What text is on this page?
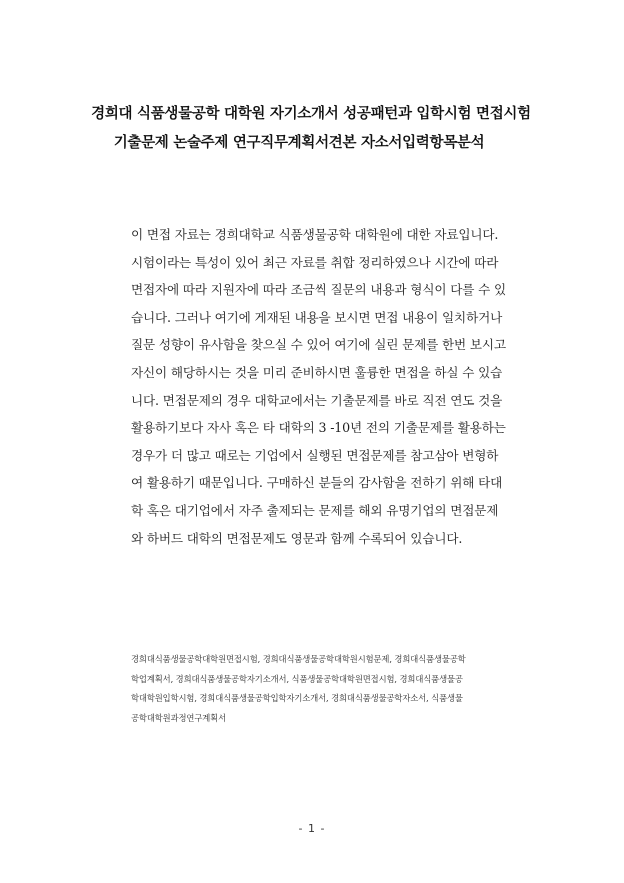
경희대 식품생물공학 대학원 자기소개서 성공패턴과 입학시험 면접시험
기출문제 논술주제 연구직무계획서견본 자소서입력항목분석
이 면접 자료는 경희대학교 식품생물공학 대학원에 대한 자료입니다.
시험이라는 특성이 있어 최근 자료를 취합 정리하였으나 시간에 따라
면접자에 따라 지원자에 따라 조금씩 질문의 내용과 형식이 다를 수 있
습니다. 그러나 여기에 게재된 내용을 보시면 면접 내용이 일치하거나
질문 성향이 유사함을 찾으실 수 있어 여기에 실린 문제를 한번 보시고
자신이 해당하시는 것을 미리 준비하시면 훌륭한 면접을 하실 수 있습
니다. 면접문제의 경우 대학교에서는 기출문제를 바로 직전 연도 것을
활용하기보다 자사 혹은 타 대학의 3 -10년 전의 기출문제를 활용하는
경우가 더 많고 때로는 기업에서 실행된 면접문제를 참고삼아 변형하
여 활용하기 때문입니다. 구매하신 분들의 감사함을 전하기 위해 타대
학 혹은 대기업에서 자주 출제되는 문제를 해외 유명기업의 면접문제
와 하버드 대학의 면접문제도 영문과 함께 수록되어 있습니다.
경희대식품생물공학대학원면접시험, 경희대식품생물공학대학원시험문제, 경희대식품생물공학
학업계획서, 경희대식품생물공학자기소개서, 식품생물공학대학원면접시험, 경희대식품생물공
학대학원입학시험, 경희대식품생물공학입학자기소개서, 경희대식품생물공학자소서, 식품생물
공학대학원과정연구계획서
- 1 -
